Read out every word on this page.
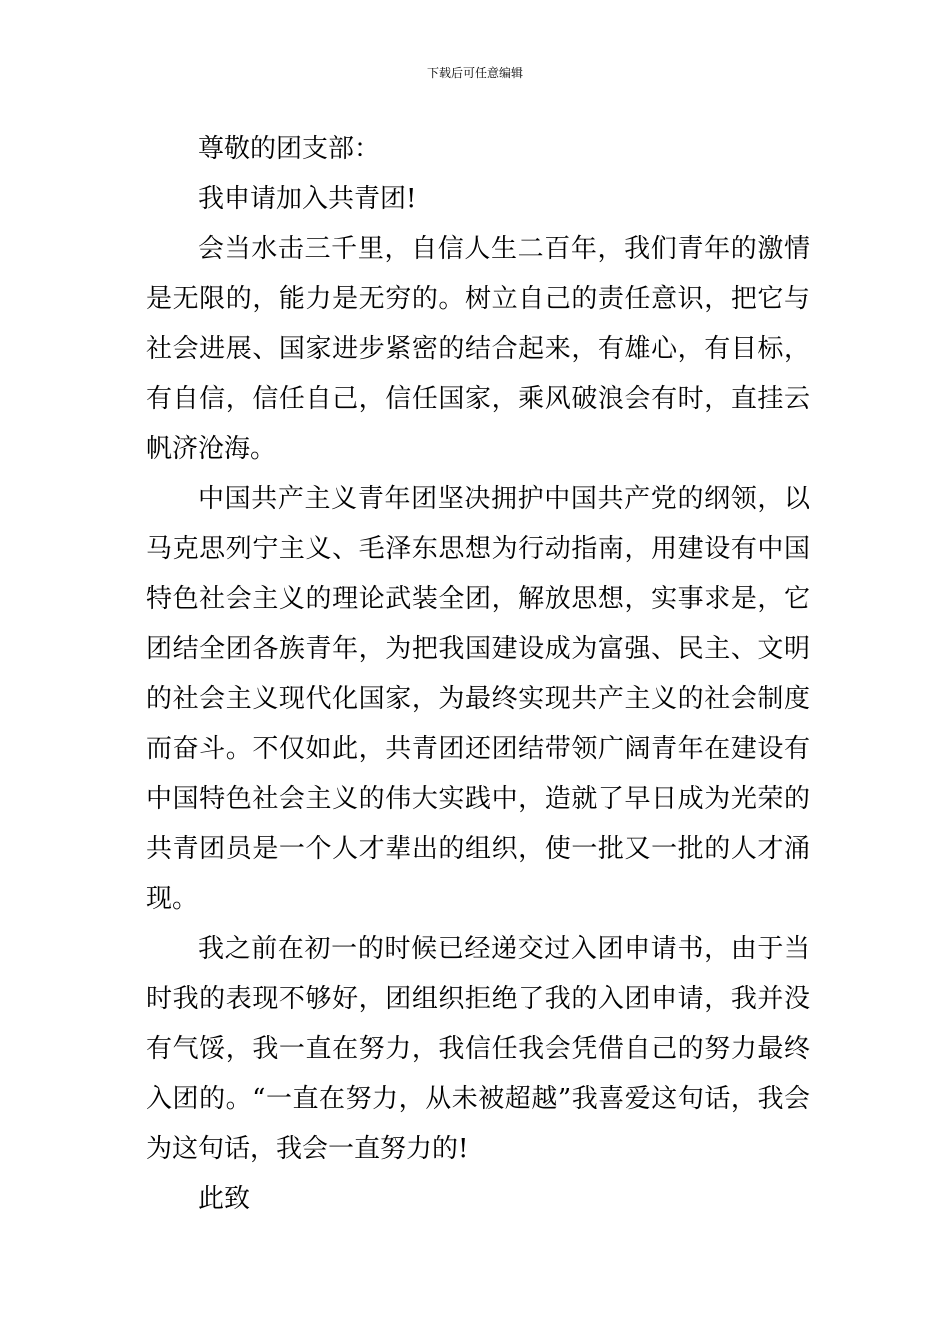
下载后可任意编辑

尊敬的团支部：

我申请加入共青团!

会当水击三千里，自信人生二百年，我们青年的激情是无限的，能力是无穷的。树立自己的责任意识，把它与社会进展、国家进步紧密的结合起来，有雄心，有目标，有自信，信任自己，信任国家，乘风破浪会有时，直挂云帆济沧海。

中国共产主义青年团坚决拥护中国共产党的纲领，以马克思列宁主义、毛泽东思想为行动指南，用建设有中国特色社会主义的理论武装全团，解放思想，实事求是，它团结全团各族青年，为把我国建设成为富强、民主、文明的社会主义现代化国家，为最终实现共产主义的社会制度而奋斗。不仅如此，共青团还团结带领广阔青年在建设有中国特色社会主义的伟大实践中，造就了早日成为光荣的共青团员是一个人才辈出的组织，使一批又一批的人才涌现。

我之前在初一的时候已经递交过入团申请书，由于当时我的表现不够好，团组织拒绝了我的入团申请，我并没有气馁，我一直在努力，我信任我会凭借自己的努力最终入团的。“一直在努力，从未被超越”我喜爱这句话，我会为这句话，我会一直努力的!

此致
